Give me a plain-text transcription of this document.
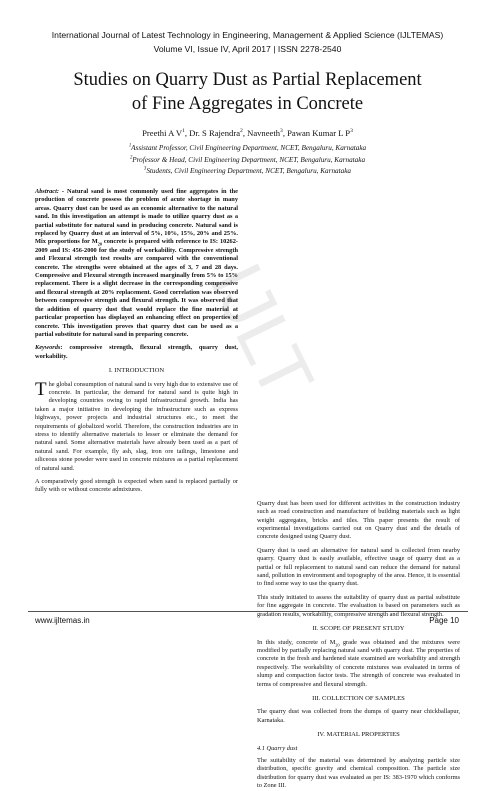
IJLT
International Journal of Latest Technology in Engineering, Management & Applied Science (IJLTEMAS)
Volume VI, Issue IV, April 2017 | ISSN 2278-2540
Studies on Quarry Dust as Partial Replacement
of Fine Aggregates in Concrete
Preethi A $V^1$, Dr. S Rajendra$^2$, Navneeth$^3$, Pawan Kumar L $P^3$
$^1$Assistant Professor, Civil Engineering Department, NCET, Bengaluru, Karnataka
$^2$Professor & Head, Civil Engineering Department, NCET, Bengaluru, Karnataka
$^3$Students, Civil Engineering Department, NCET, Bengaluru, Karnataka

Abstract: - Natural sand is most commonly used fine aggregates in the production of concrete possess the problem of acute shortage in many areas. Quarry dust can be used as an economic alternative to the natural sand. In this investigation an attempt is made to utilize quarry dust as a partial substitute for natural sand in producing concrete. Natural sand is replaced by Quarry dust at an interval of 5%, 10%, 15%, 20% and 25%. Mix proportions for $M_{20}$ concrete is prepared with reference to IS: 10262-2009 and IS: 456-2000 for the study of workability. Compressive strength and Flexural strength test results are compared with the conventional concrete. The strengths were obtained at the ages of 3, 7 and 28 days. Compressive and Flexural strength increased marginally from 5% to 15% replacement. There is a slight decrease in the corresponding compressive and flexural strength at 20% replacement. Good correlation was observed between compressive strength and flexural strength. It was observed that the addition of quarry dust that would replace the fine material at particular proportion has displayed an enhancing effect on properties of concrete. This investigation proves that quarry dust can be used as a partial substitute for natural sand in preparing concrete.

Keywords: compressive strength, flexural strength, quarry dust, workability.

I. INTRODUCTION

The global consumption of natural sand is very high due to extensive use of concrete. In particular, the demand for natural sand is quite high in developing countries owing to rapid infrastructural growth. India has taken a major initiative in developing the infrastructure such as express highways, power projects and industrial structures etc., to meet the requirements of globalized world. Therefore, the construction industries are in stress to identify alternative materials to lesser or eliminate the demand for natural sand. Some alternative materials have already been used as a part of natural sand. For example, fly ash, slag, iron ore tailings, limestone and siliceous stone powder were used in concrete mixtures as a partial replacement of natural sand.

A comparatively good strength is expected when sand is replaced partially or fully with or without concrete admixtures.

Quarry dust has been used for different activities in the construction industry such as road construction and manufacture of building materials such as light weight aggregates, bricks and tiles. This paper presents the result of experimental investigations carried out on Quarry dust and the details of concrete designed using Quarry dust.

Quarry dust is used an alternative for natural sand is collected from nearby quarry. Quarry dust is easily available, effective usage of quarry dust as a partial or full replacement to natural sand can reduce the demand for natural sand, pollution in environment and topography of the area. Hence, it is essential to find some way to use the quarry dust.

This study initiated to assess the suitability of quarry dust as partial substitute for fine aggregate in concrete. The evaluation is based on parameters such as gradation results, workability, compressive strength and flexural strength.

II. SCOPE OF PRESENT STUDY

In this study, concrete of $M_{20}$ grade was obtained and the mixtures were modified by partially replacing natural sand with quarry dust. The properties of concrete in the fresh and hardened state examined are workability and strength respectively. The workability of concrete mixtures was evaluated in terms of slump and compaction factor tests. The strength of concrete was evaluated in terms of compressive and flexural strength.

III. COLLECTION OF SAMPLES

The quarry dust was collected from the dumps of quarry near chickballapur, Karnataka.

IV. MATERIAL PROPERTIES
4.1 Quarry dust

The suitability of the material was determined by analyzing particle size distribution, specific gravity and chemical composition. The particle size distribution for quarry dust was evaluated as per IS: 383-1970 which conforms to Zone III.

www.ijltemas.in	Page 10
